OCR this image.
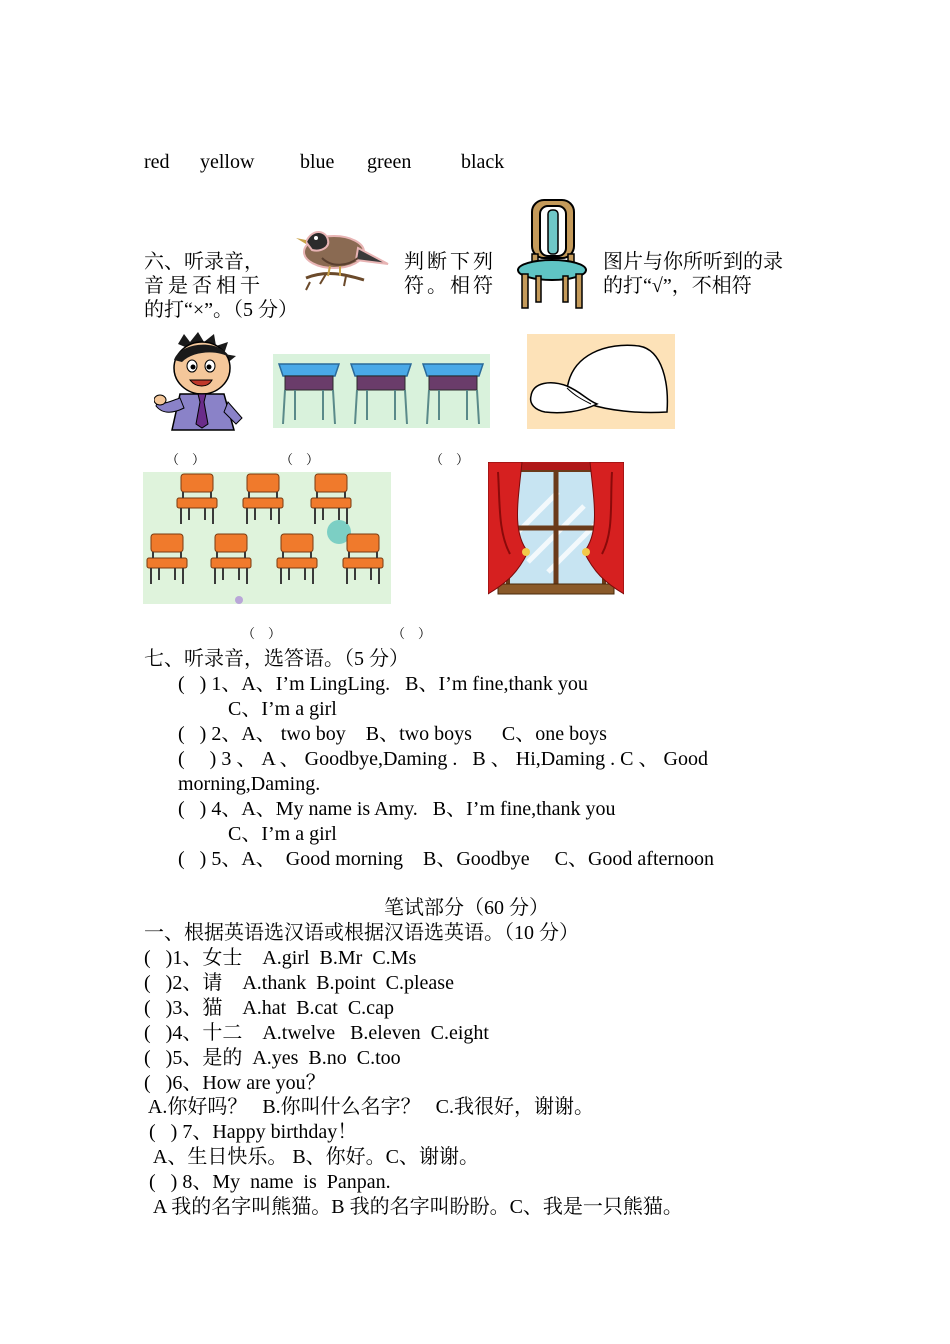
red yellow blue green black
六、听录音，	判断下列	图片与你所听到的录
音是否相干	符。相符	的打“√”，不相符
的打“×”。（5 分）
（　）	（　）	（　）
（　）	（　）
七、听录音，选答语。（5 分）
(   ) 1、A、I’m LingLing.   B、I’m fine,thank you
C、I’m a girl
(   ) 2、A、 two boy    B、two boys      C、one boys
(     ) 3 、 A 、 Goodbye,Daming .   B 、 Hi,Daming . C 、 Good
morning,Daming.
(   ) 4、A、My name is Amy.   B、I’m fine,thank you
C、I’m a girl
(   ) 5、A、  Good morning    B、Goodbye     C、Good afternoon
笔试部分（60 分）
一、根据英语选汉语或根据汉语选英语。（10 分）
(   )1、女士    A.girl  B.Mr  C.Ms
(   )2、请    A.thank  B.point  C.please
(   )3、猫    A.hat  B.cat  C.cap
(   )4、十二    A.twelve   B.eleven  C.eight
(   )5、是的  A.yes  B.no  C.too
(   )6、How are you？
A.你好吗？   B.你叫什么名字？   C.我很好，谢谢。
(   ) 7、Happy birthday！
A、生日快乐。 B、你好。C、谢谢。
(   ) 8、My  name  is  Panpan.
A 我的名字叫熊猫。B 我的名字叫盼盼。C、我是一只熊猫。
